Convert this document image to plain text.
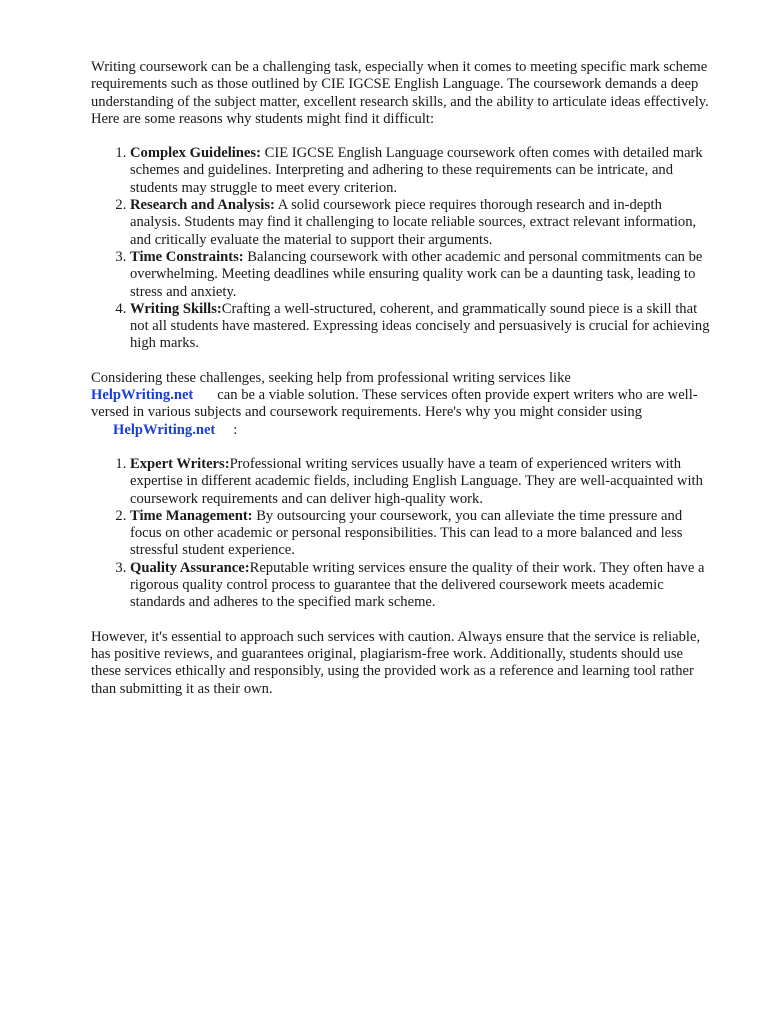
Writing coursework can be a challenging task, especially when it comes to meeting specific mark scheme requirements such as those outlined by CIE IGCSE English Language. The coursework demands a deep understanding of the subject matter, excellent research skills, and the ability to articulate ideas effectively. Here are some reasons why students might find it difficult:

1. Complex Guidelines: CIE IGCSE English Language coursework often comes with detailed mark schemes and guidelines. Interpreting and adhering to these requirements can be intricate, and students may struggle to meet every criterion.
2. Research and Analysis: A solid coursework piece requires thorough research and in-depth analysis. Students may find it challenging to locate reliable sources, extract relevant information, and critically evaluate the material to support their arguments.
3. Time Constraints: Balancing coursework with other academic and personal commitments can be overwhelming. Meeting deadlines while ensuring quality work can be a daunting task, leading to stress and anxiety.
4. Writing Skills:Crafting a well-structured, coherent, and grammatically sound piece is a skill that not all students have mastered. Expressing ideas concisely and persuasively is crucial for achieving high marks.

Considering these challenges, seeking help from professional writing services like
HelpWriting.net can be a viable solution. These services often provide expert writers who are well-versed in various subjects and coursework requirements. Here's why you might consider using
HelpWriting.net :

1. Expert Writers:Professional writing services usually have a team of experienced writers with expertise in different academic fields, including English Language. They are well-acquainted with coursework requirements and can deliver high-quality work.
2. Time Management: By outsourcing your coursework, you can alleviate the time pressure and focus on other academic or personal responsibilities. This can lead to a more balanced and less stressful student experience.
3. Quality Assurance:Reputable writing services ensure the quality of their work. They often have a rigorous quality control process to guarantee that the delivered coursework meets academic standards and adheres to the specified mark scheme.

However, it's essential to approach such services with caution. Always ensure that the service is reliable, has positive reviews, and guarantees original, plagiarism-free work. Additionally, students should use these services ethically and responsibly, using the provided work as a reference and learning tool rather than submitting it as their own.
